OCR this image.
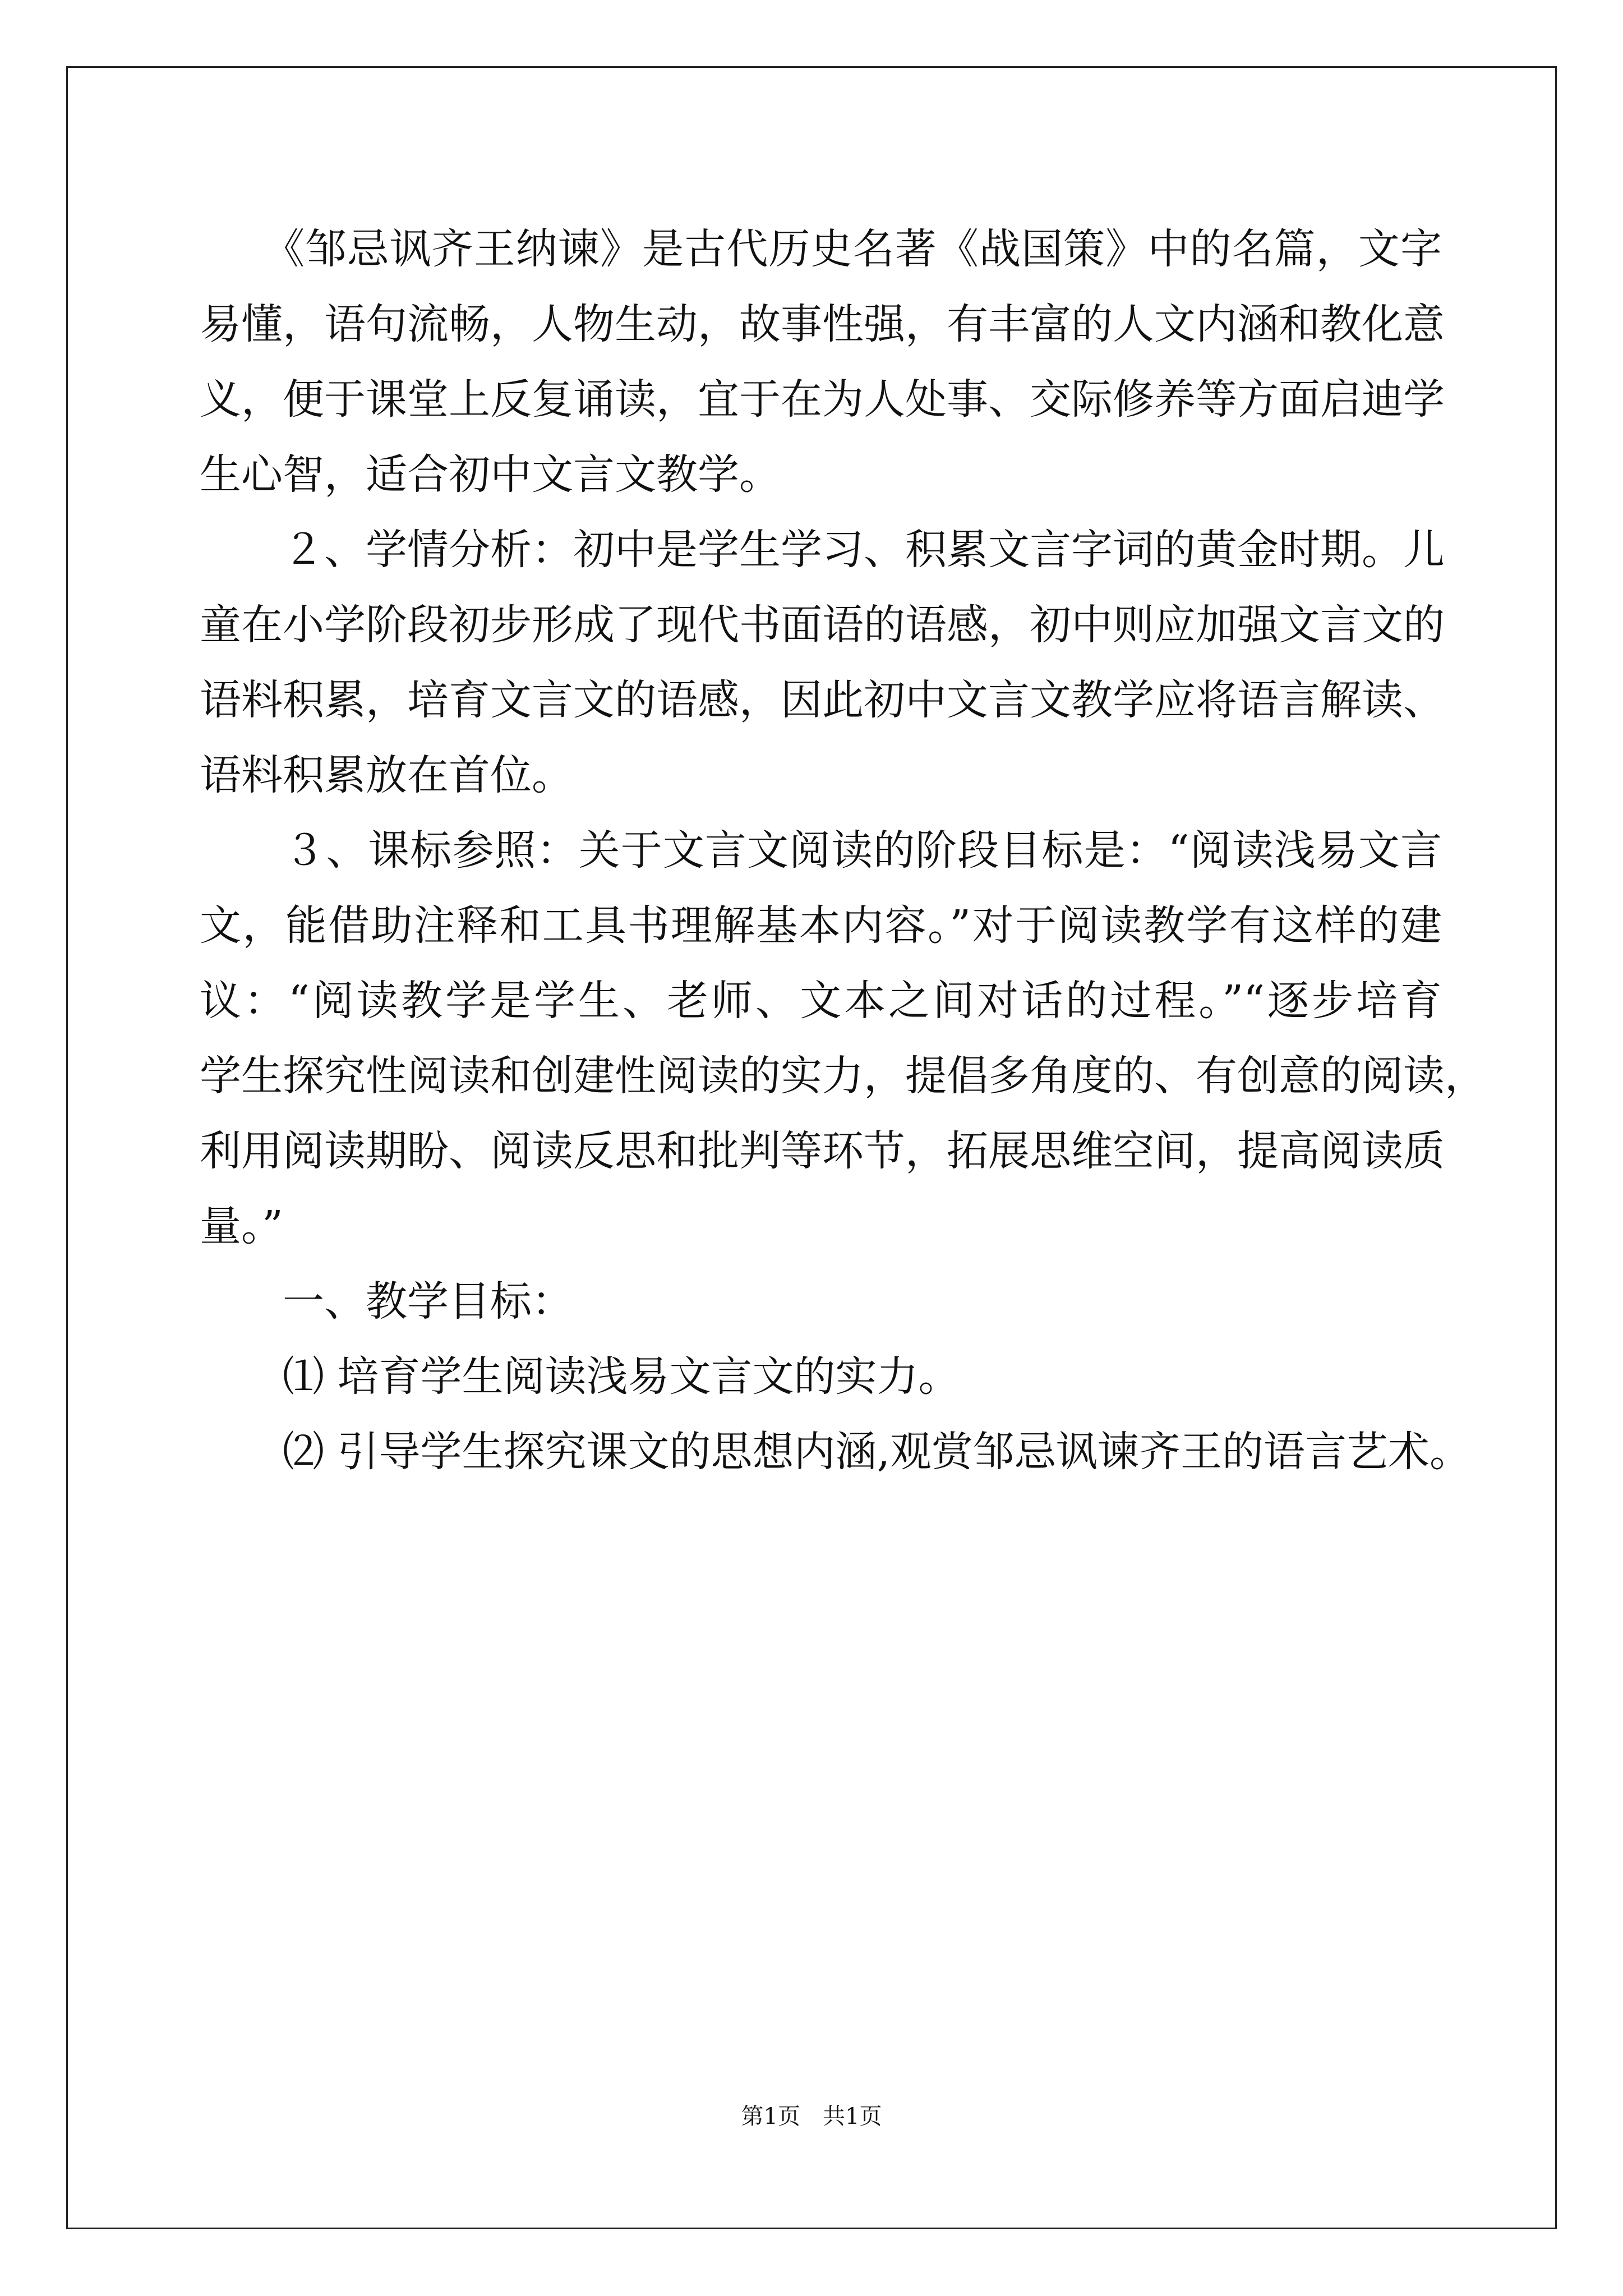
　　《邹忌讽齐王纳谏》是古代历史名著《战国策》中的名篇，文字
易懂，语句流畅，人物生动，故事性强，有丰富的人文内涵和教化意
义，便于课堂上反复诵读，宜于在为人处事、交际修养等方面启迪学
生心智，适合初中文言文教学。
　　２、学情分析：初中是学生学习、积累文言字词的黄金时期。儿
童在小学阶段初步形成了现代书面语的语感，初中则应加强文言文的
语料积累，培育文言文的语感，因此初中文言文教学应将语言解读、
语料积累放在首位。
　　３、课标参照：关于文言文阅读的阶段目标是：“阅读浅易文言
文，能借助注释和工具书理解基本内容。”对于阅读教学有这样的建
议：“阅读教学是学生、老师、文本之间对话的过程。”“逐步培育
学生探究性阅读和创建性阅读的实力，提倡多角度的、有创意的阅读，
利用阅读期盼、阅读反思和批判等环节，拓展思维空间，提高阅读质
量。”
　　一、教学目标：
　　⑴ 培育学生阅读浅易文言文的实力。
　　⑵ 引导学生探究课文的思想内涵,观赏邹忌讽谏齐王的语言艺术。
第1页　共1页
